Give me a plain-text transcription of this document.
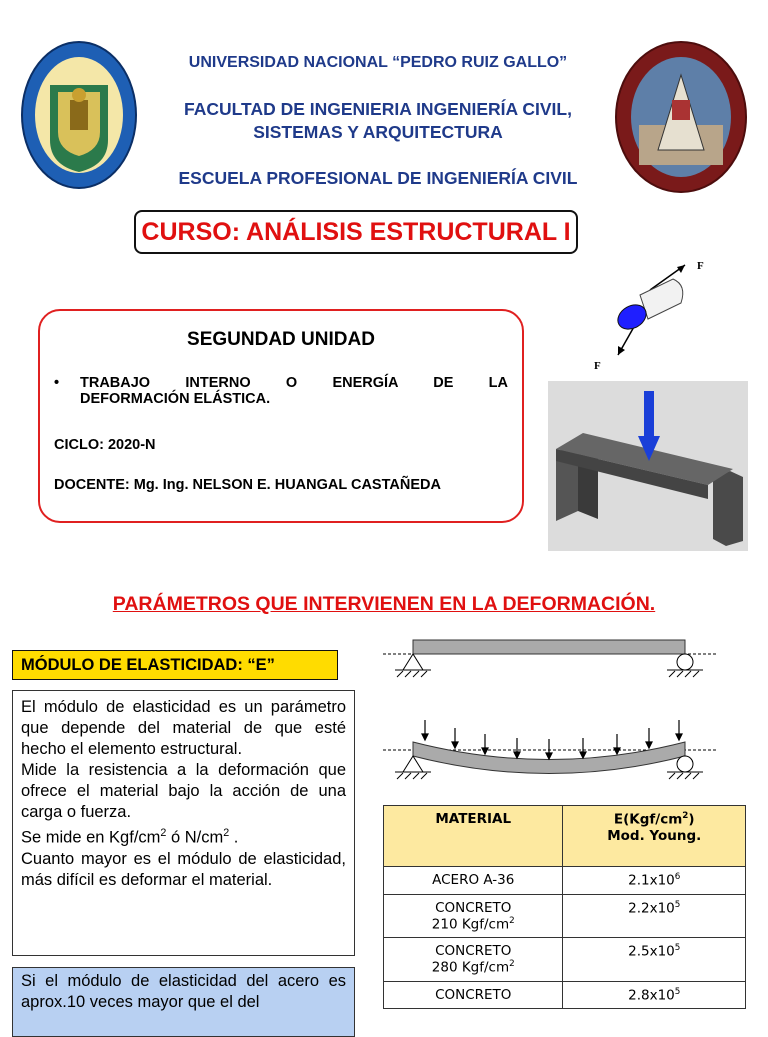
UNIVERSIDAD NACIONAL “PEDRO RUIZ GALLO”
FACULTAD DE INGENIERIA INGENIERÍA CIVIL,
SISTEMAS Y ARQUITECTURA
ESCUELA PROFESIONAL DE INGENIERÍA CIVIL
CURSO: ANÁLISIS ESTRUCTURAL I
SEGUNDAD UNIDAD
•	TRABAJO INTERNO O ENERGÍA DE LA
DEFORMACIÓN ELÁSTICA.
CICLO: 2020-N
DOCENTE: Mg. Ing. NELSON E. HUANGAL CASTAÑEDA
F
F
PARÁMETROS QUE INTERVIENEN EN LA DEFORMACIÓN.
MÓDULO DE ELASTICIDAD: “E”

El módulo de elasticidad es un parámetro que depende del material de que esté hecho el elemento estructural.

Mide la resistencia a la deformación que ofrece el material bajo la acción de una carga o fuerza.

Se mide en Kgf/$cm^2$ ó $N/cm^2$ .

Cuanto mayor es el módulo de elasticidad, más difícil es deformar el material.

Si el módulo de elasticidad del acero es aprox.10 veces mayor que el del
MATERIAL	$E(Kgf/cm^2)$
Mod. Young.

ACERO A-36	$2.1x10^6$

CONCRETO
210 Kgf/$cm^2$	$2.2x10^5$

CONCRETO
280 Kgf/$cm^2$	$2.5x10^5$
CONCRETO	$2.8x10^5$
